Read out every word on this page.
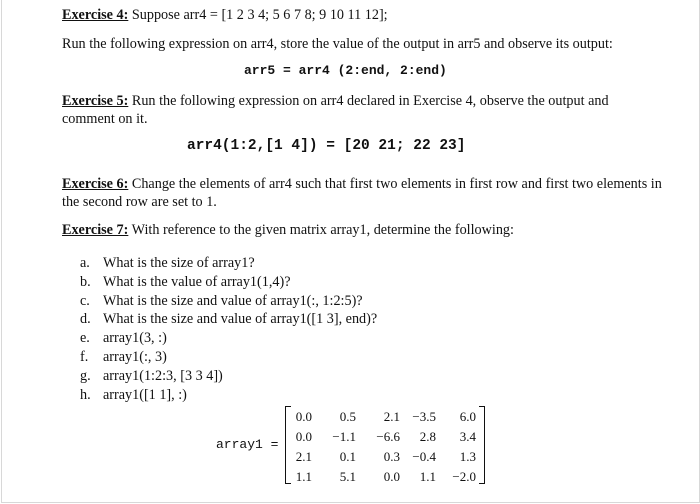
Exercise 4: Suppose arr4 = [1 2 3 4; 5 6 7 8; 9 10 11 12];
Run the following expression on arr4, store the value of the output in arr5 and observe its output:
arr5 = arr4 (2:end, 2:end)
Exercise 5: Run the following expression on arr4 declared in Exercise 4, observe the output and comment on it.
arr4(1:2,[1 4]) = [20 21; 22 23]
Exercise 6: Change the elements of arr4 such that first two elements in first row and first two elements in the second row are set to 1.
Exercise 7: With reference to the given matrix array1, determine the following:
a. What is the size of array1?
b. What is the value of array1(1,4)?
c. What is the size and value of array1(:, 1:2:5)?
d. What is the size and value of array1([1 3], end)?
e. array1(3, :)
f. array1(:, 3)
g. array1(1:2:3, [3 3 4])
h. array1([1 1], :)
array1 =
0.0	0.5	2.1 −3.5	6.0
0.0	−1.1	−6.6	2.8	3.4
2.1	0.1	0.3 −0.4	1.3
1.1	5.1	0.0	1.1	−2.0
